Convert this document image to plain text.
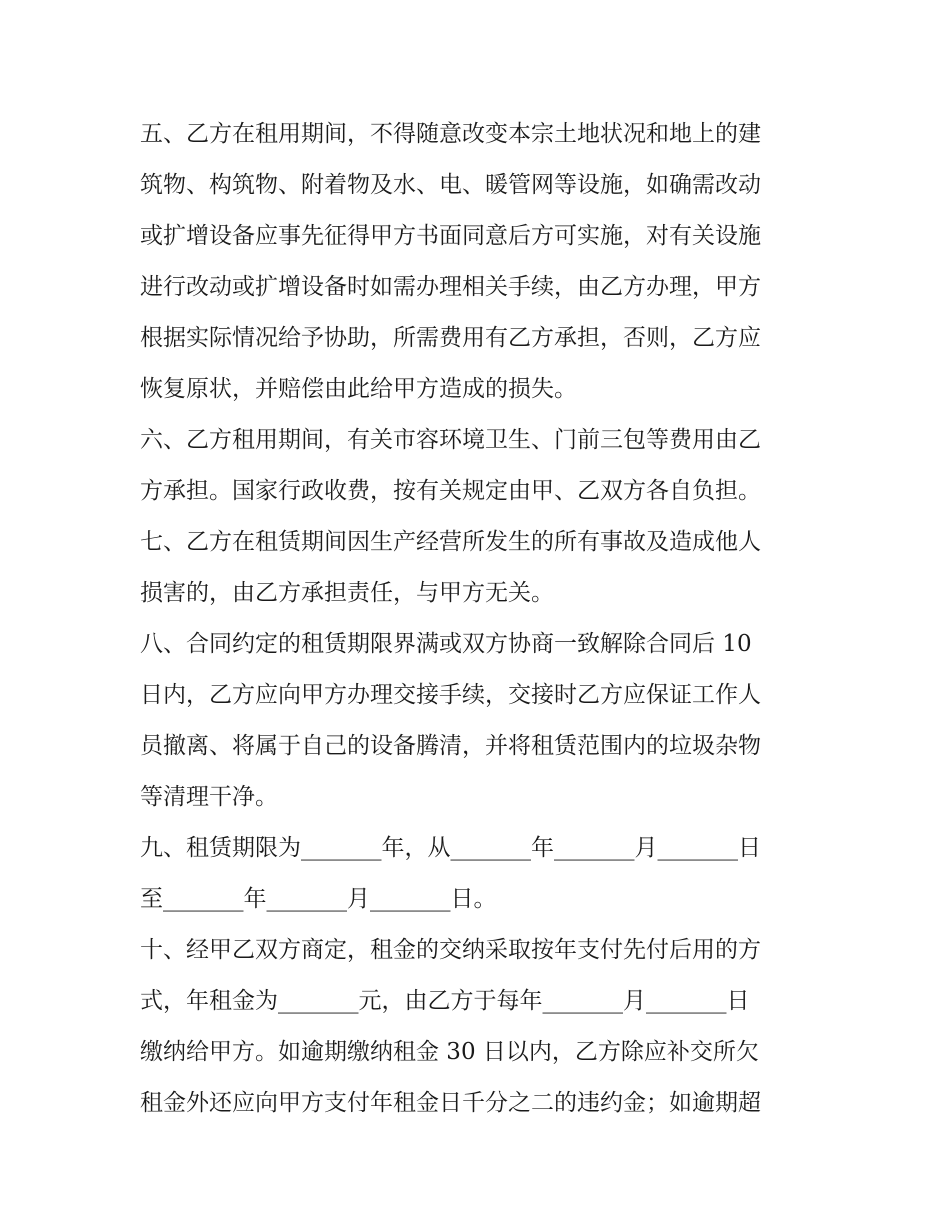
五、乙方在租用期间，不得随意改变本宗土地状况和地上的建
筑物、构筑物、附着物及水、电、暖管网等设施，如确需改动
或扩增设备应事先征得甲方书面同意后方可实施，对有关设施
进行改动或扩增设备时如需办理相关手续，由乙方办理，甲方
根据实际情况给予协助，所需费用有乙方承担，否则，乙方应
恢复原状，并赔偿由此给甲方造成的损失。
六、乙方租用期间，有关市容环境卫生、门前三包等费用由乙
方承担。国家行政收费，按有关规定由甲、乙双方各自负担。
七、乙方在租赁期间因生产经营所发生的所有事故及造成他人
损害的，由乙方承担责任，与甲方无关。
八、合同约定的租赁期限界满或双方协商一致解除合同后 10
日内，乙方应向甲方办理交接手续，交接时乙方应保证工作人
员撤离、将属于自己的设备腾清，并将租赁范围内的垃圾杂物
等清理干净。
九、租赁期限为_______年，从_______年_______月_______日
至_______年_______月_______日。
十、经甲乙双方商定，租金的交纳采取按年支付先付后用的方
式，年租金为_______元，由乙方于每年_______月_______日
缴纳给甲方。如逾期缴纳租金 30 日以内，乙方除应补交所欠
租金外还应向甲方支付年租金日千分之二的违约金；如逾期超
